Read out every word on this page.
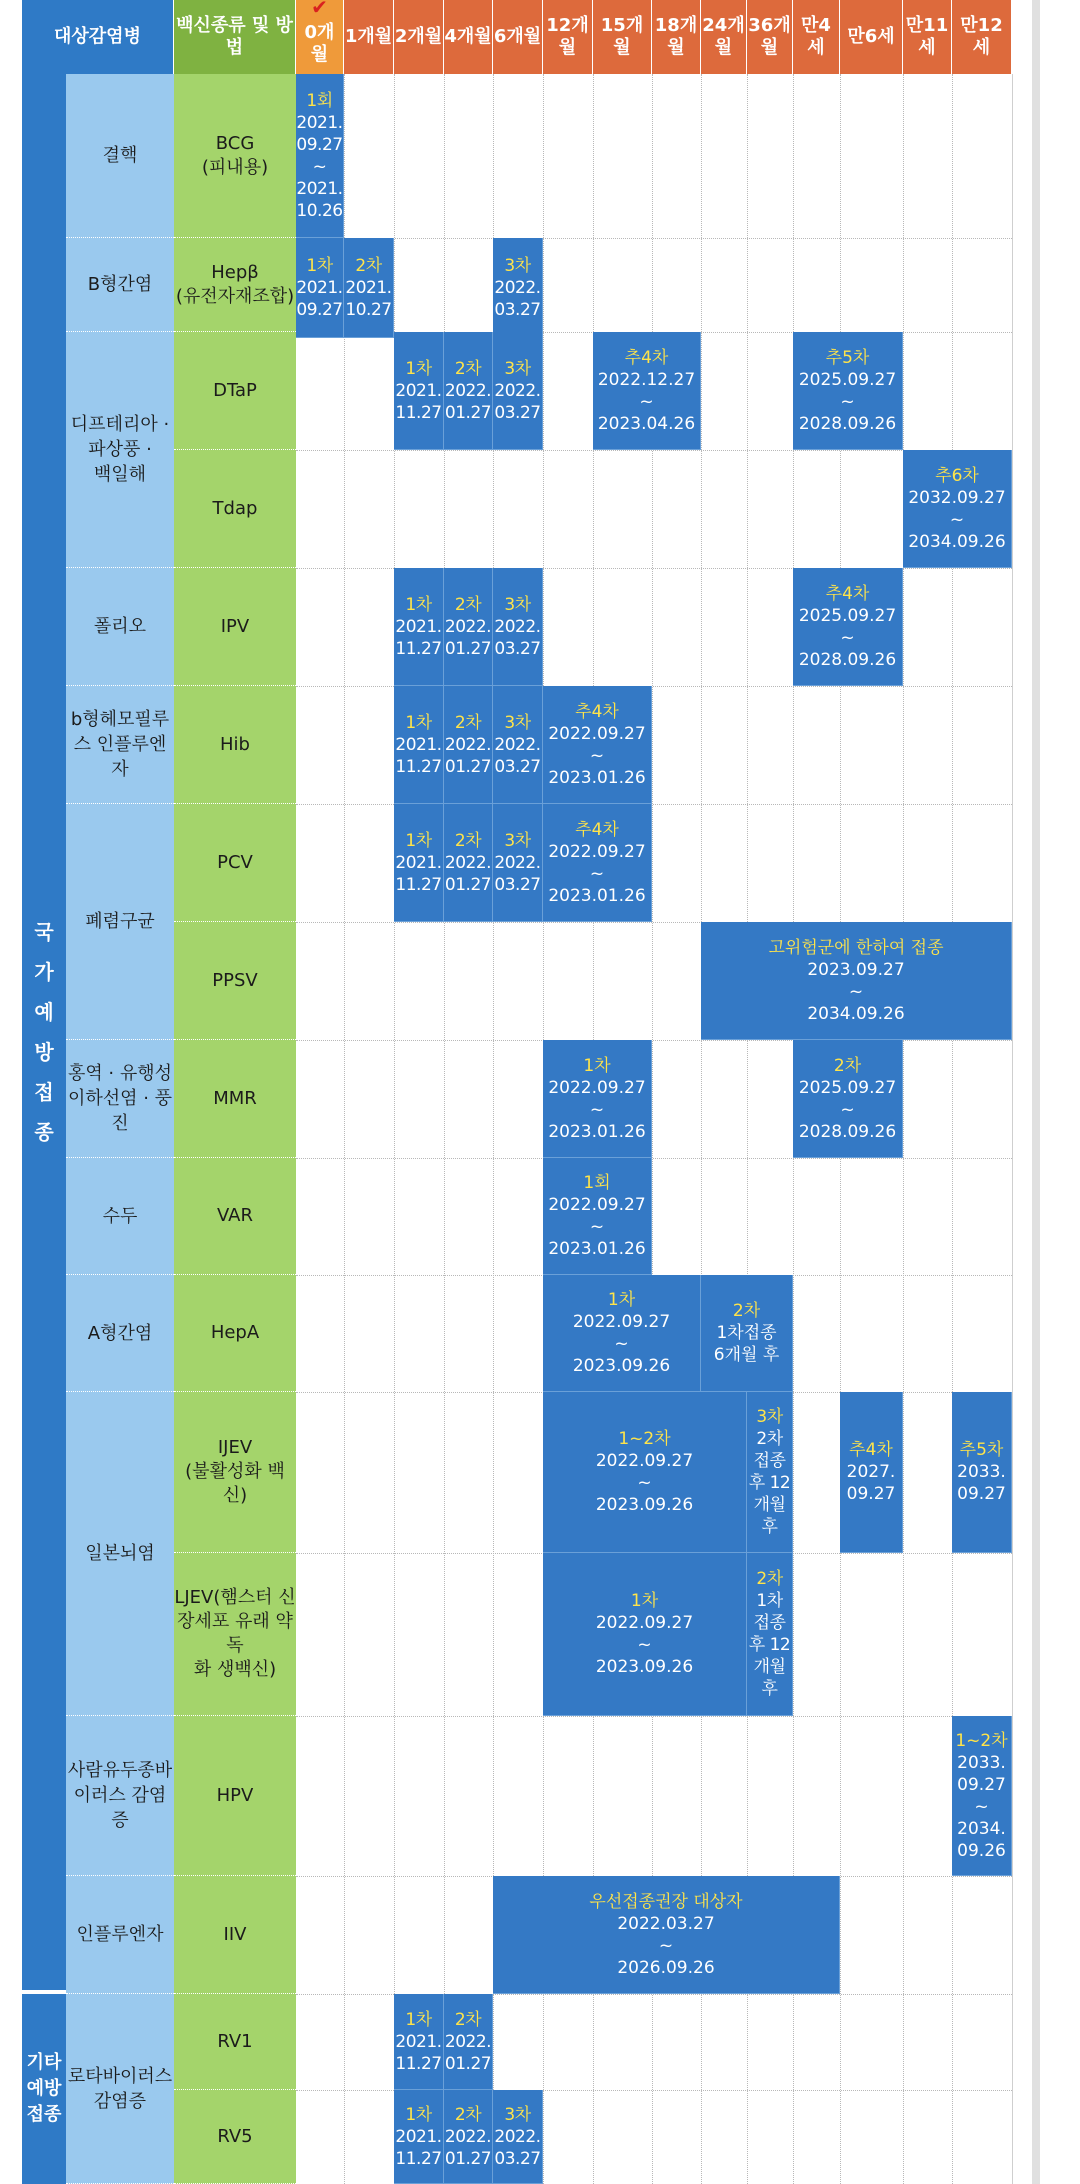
대상감염병
백신종류 및 방법
✔
0개월
1개월 2개월 4개월 6개월
12개월
15개월
18개월
24개월
36개월
만4세
만6세
만11세
만12세
국
가
예
방
접
종
기타
예방
접종
결핵
B형간염
디프테리아 ·
파상풍 ·
백일해
폴리오
b형헤모필루
스 인플루엔자
폐렴구균
홍역 · 유행성
이하선염 · 풍
진
수두
A형간염
일본뇌염
사람유두종바
이러스 감염증
인플루엔자
로타바이러스
감염증
BCG
(피내용)
Hepβ
(유전자재조합)
DTaP
Tdap
IPV
Hib
PCV
PPSV
MMR
VAR
HepA
IJEV
(불활성화 백신)
LJEV(햄스터 신
장세포 유래 약독
화 생백신)
HPV
IIV
RV1
RV5
1회
2021.
09.27
~
2021.
10.26
1차
2021.
09.27
2차
2021.
10.27
3차
2022.
03.27
1차
2021.
11.27
2차
2022.
01.27
3차
2022.
03.27
추4차
2022.12.27
~
2023.04.26
추5차
2025.09.27
~
2028.09.26
추6차
2032.09.27
~
2034.09.26
1차
2021.
11.27
2차
2022.
01.27
3차
2022.
03.27
추4차
2025.09.27
~
2028.09.26
1차
2021.
11.27
2차
2022.
01.27
3차
2022.
03.27
추4차
2022.09.27
~
2023.01.26
1차
2021.
11.27
2차
2022.
01.27
3차
2022.
03.27
추4차
2022.09.27
~
2023.01.26
고위험군에 한하여 접종
2023.09.27
~
2034.09.26
1차
2022.09.27
~
2023.01.26
2차
2025.09.27
~
2028.09.26
1회
2022.09.27
~
2023.01.26
1차
2022.09.27
~
2023.09.26
2차
1차접종
6개월 후
1~2차
2022.09.27
~
2023.09.26
3차
2차
접종
후 12
개월
후
추4차
2027.
09.27
추5차
2033.
09.27
1차
2022.09.27
~
2023.09.26
2차
1차
접종
후 12
개월
후
1~2차
2033.
09.27
~
2034.
09.26
우선접종권장 대상자
2022.03.27
~
2026.09.26
1차
2021.
11.27
2차
2022.
01.27
1차
2021.
11.27
2차
2022.
01.27
3차
2022.
03.27
